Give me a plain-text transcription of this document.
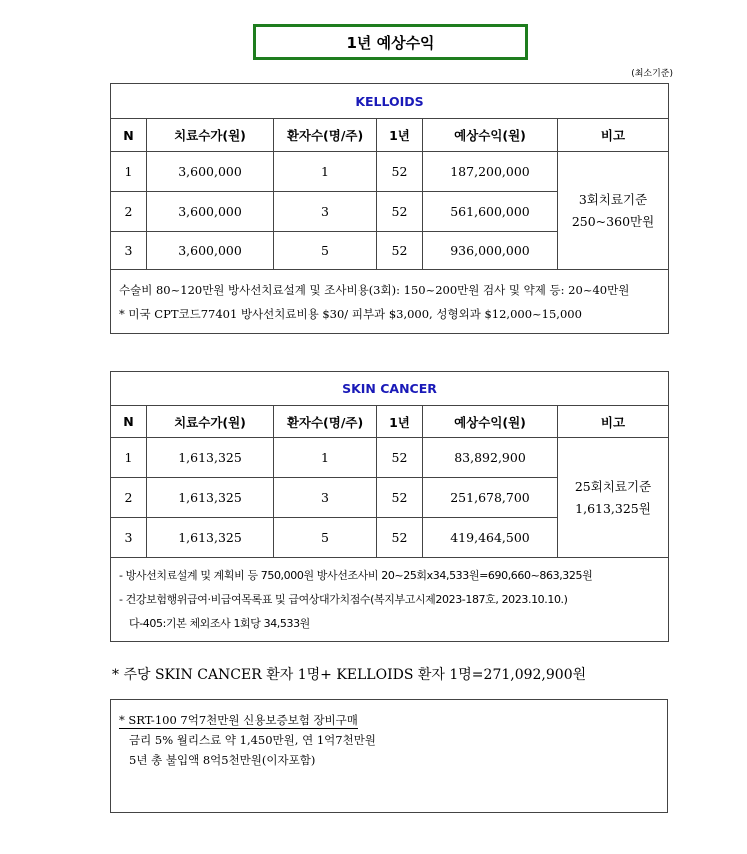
1년 예상수익
(최소기준)
KELLOIDS					
N	치료수가(원)	환자수(명/주)	1년	예상수익(원)	비고
1	3,600,000	1	52	187,200,000	3회치료기준
250~360만원

2	3,600,000	3	52	561,600,000	
3	3,600,000	5	52	936,000,000	

수술비 80~120만원 방사선치료설계 및 조사비용(3회): 150~200만원 검사 및 약제 등: 20~40만원
* 미국 CPT코드77401 방사선치료비용 $30/ 피부과 $3,000, 성형외과 $12,000~15,000					
SKIN CANCER					
N	치료수가(원)	환자수(명/주)	1년	예상수익(원)	비고
1	1,613,325	1	52	83,892,900	25회치료기준
1,613,325원

2	1,613,325	3	52	251,678,700	
3	1,613,325	5	52	419,464,500	

- 방사선치료설계 및 계획비 등 750,000원 방사선조사비 20~25회x34,533원=690,660~863,325원
- 건강보험행위급여·비급여목록표 및 급여상대가치점수(복지부고시제2023-187호, 2023.10.10.)
다-405:기본 체외조사 1회당 34,533원					
* 주당 SKIN CANCER 환자 1명+ KELLOIDS 환자 1명=271,092,900원
* SRT-100 7억7천만원 신용보증보험 장비구매
금리 5% 월리스료 약 1,450만원, 연 1억7천만원
5년 총 불입액 8억5천만원(이자포함)
